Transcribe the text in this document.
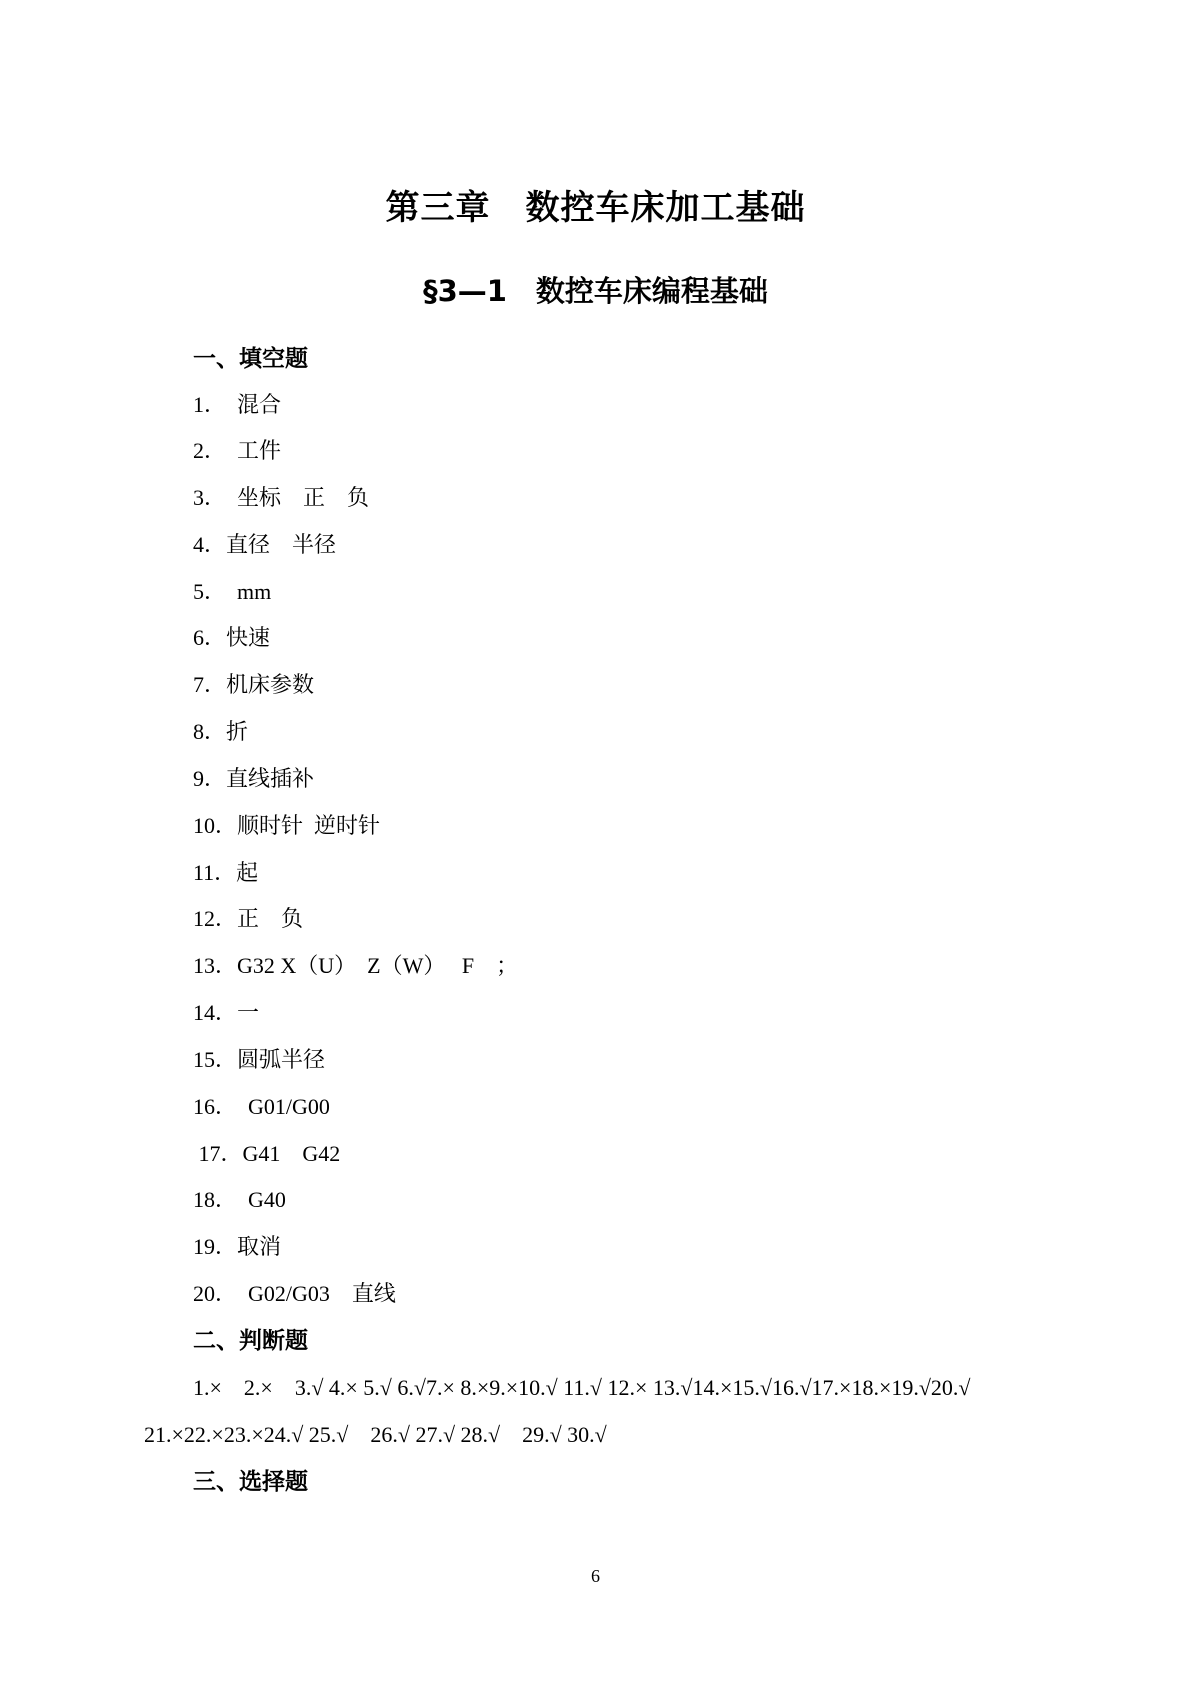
第三章　数控车床加工基础
§3—1　数控车床编程基础
一、填空题
1．　混合
2．　工件
3．　坐标　正　负
4．直径　半径
5．　mm
6．快速
7．机床参数
8．折
9．直线插补
10．顺时针  逆时针
11．起
12．正　负
13．G32 X（U）  Z（W）   F　；
14．一
15．圆弧半径
16．　G01/G00
17．G41　G42
18．　G40
19．取消
20．　G02/G03　直线
二、判断题
1.×　2.×　3.√ 4.× 5.√ 6.√7.× 8.×9.×10.√ 11.√ 12.× 13.√14.×15.√16.√17.×18.×19.√20.√
21.×22.×23.×24.√ 25.√　26.√ 27.√ 28.√　29.√ 30.√
三、选择题
6
